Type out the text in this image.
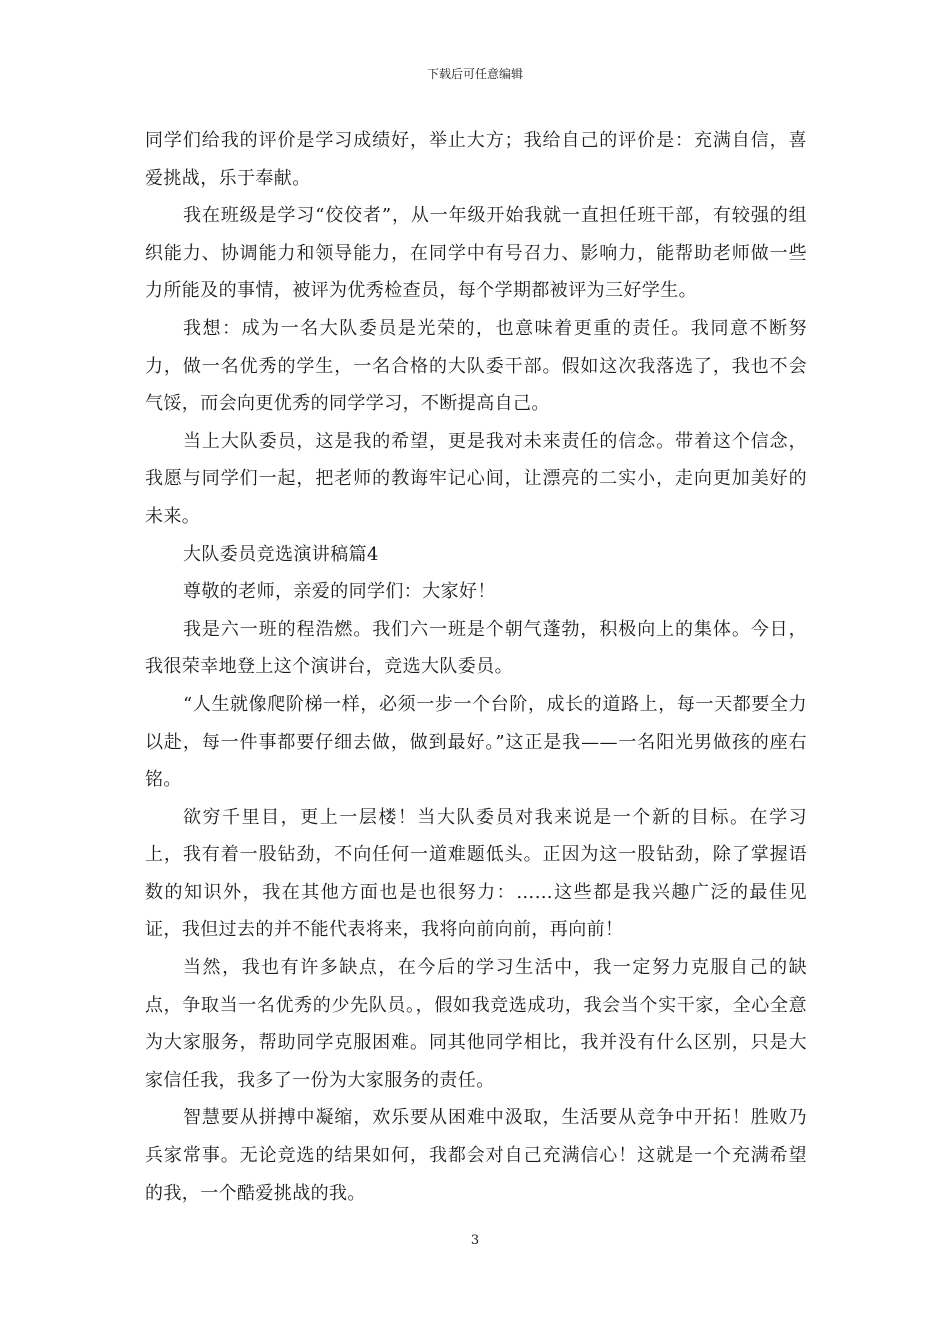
下载后可任意编辑

同学们给我的评价是学习成绩好，举止大方；我给自己的评价是：充满自信，喜爱挑战，乐于奉献。

我在班级是学习“佼佼者”，从一年级开始我就一直担任班干部，有较强的组织能力、协调能力和领导能力，在同学中有号召力、影响力，能帮助老师做一些力所能及的事情，被评为优秀检查员，每个学期都被评为三好学生。

我想：成为一名大队委员是光荣的，也意味着更重的责任。我同意不断努力，做一名优秀的学生，一名合格的大队委干部。假如这次我落选了，我也不会气馁，而会向更优秀的同学学习，不断提高自己。

当上大队委员，这是我的希望，更是我对未来责任的信念。带着这个信念，我愿与同学们一起，把老师的教诲牢记心间，让漂亮的二实小，走向更加美好的未来。

大队委员竞选演讲稿篇4

尊敬的老师，亲爱的同学们：大家好！

我是六一班的程浩燃。我们六一班是个朝气蓬勃，积极向上的集体。今日，我很荣幸地登上这个演讲台，竞选大队委员。

“人生就像爬阶梯一样，必须一步一个台阶，成长的道路上，每一天都要全力以赴，每一件事都要仔细去做，做到最好。”这正是我——一名阳光男做孩的座右铭。

欲穷千里目，更上一层楼！当大队委员对我来说是一个新的目标。在学习上，我有着一股钻劲，不向任何一道难题低头。正因为这一股钻劲，除了掌握语数的知识外，我在其他方面也是也很努力：……这些都是我兴趣广泛的最佳见证，我但过去的并不能代表将来，我将向前向前，再向前！

当然，我也有许多缺点，在今后的学习生活中，我一定努力克服自己的缺点，争取当一名优秀的少先队员。，假如我竞选成功，我会当个实干家，全心全意为大家服务，帮助同学克服困难。同其他同学相比，我并没有什么区别，只是大家信任我，我多了一份为大家服务的责任。

智慧要从拼搏中凝缩，欢乐要从困难中汲取，生活要从竞争中开拓！胜败乃兵家常事。无论竞选的结果如何，我都会对自己充满信心！这就是一个充满希望的我，一个酷爱挑战的我。

3
